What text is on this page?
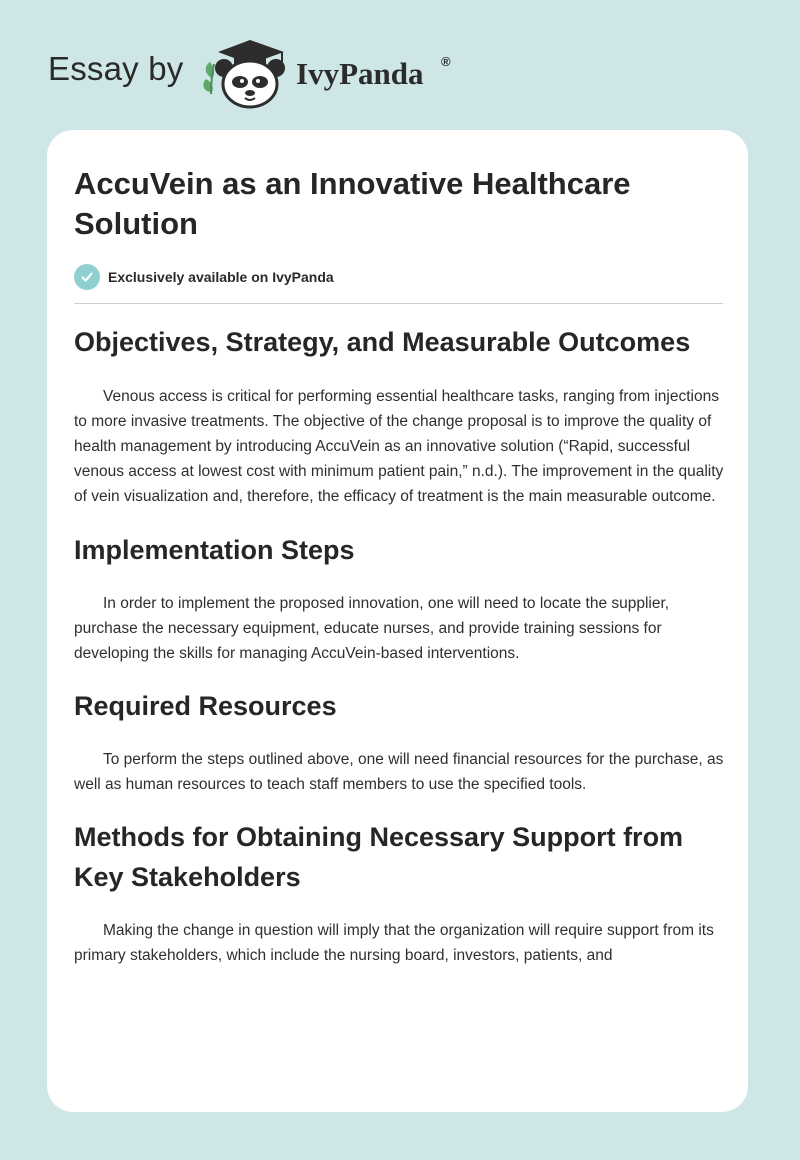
Essay by	IvyPanda ®
AccuVein as an Innovative Healthcare Solution
Exclusively available on IvyPanda
Objectives, Strategy, and Measurable Outcomes

Venous access is critical for performing essential healthcare tasks, ranging from injections to more invasive treatments. The objective of the change proposal is to improve the quality of health management by introducing AccuVein as an innovative solution (“Rapid, successful venous access at lowest cost with minimum patient pain,” n.d.). The improvement in the quality of vein visualization and, therefore, the efficacy of treatment is the main measurable outcome.

Implementation Steps

In order to implement the proposed innovation, one will need to locate the supplier, purchase the necessary equipment, educate nurses, and provide training sessions for developing the skills for managing AccuVein-based interventions.

Required Resources

To perform the steps outlined above, one will need financial resources for the purchase, as well as human resources to teach staff members to use the specified tools.

Methods for Obtaining Necessary Support from Key Stakeholders

Making the change in question will imply that the organization will require support from its primary stakeholders, which include the nursing board, investors, patients, and
